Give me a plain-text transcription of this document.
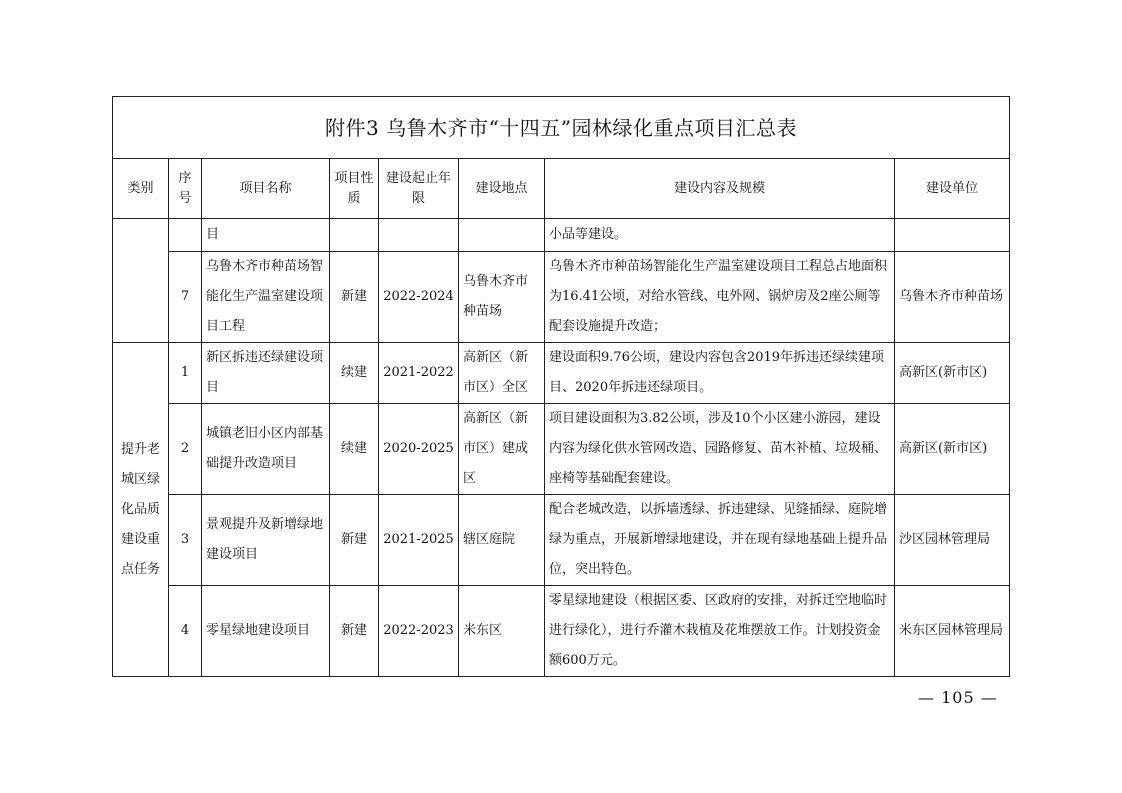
附件3 乌鲁木齐市“十四五”园林绿化重点项目汇总表							
类别	序号	项目名称	项目性质	建设起止年限	建设地点	建设内容及规模	建设单位
		目				小品等建设。	
	7	乌鲁木齐市种苗场智能化生产温室建设项目工程	新建	2022-2024	乌鲁木齐市种苗场	乌鲁木齐市种苗场智能化生产温室建设项目工程总占地面积为16.41公顷，对给水管线、电外网、锅炉房及2座公厕等配套设施提升改造；	乌鲁木齐市种苗场
提升老城区绿化品质建设重点任务	1	新区拆违还绿建设项目	续建	2021-2022	高新区（新市区）全区	建设面积9.76公顷，建设内容包含2019年拆违还绿续建项目、2020年拆违还绿项目。	高新区(新市区)
	2	城镇老旧小区内部基础提升改造项目	续建	2020-2025	高新区（新市区）建成区	项目建设面积为3.82公顷，涉及10个小区建小游园，建设内容为绿化供水管网改造、园路修复、苗木补植、垃圾桶、座椅等基础配套建设。	高新区(新市区)
	3	景观提升及新增绿地建设项目	新建	2021-2025	辖区庭院	配合老城改造，以拆墙透绿、拆违建绿、见缝插绿、庭院增绿为重点，开展新增绿地建设，并在现有绿地基础上提升品位，突出特色。	沙区园林管理局
	4	零星绿地建设项目	新建	2022-2023	米东区	零星绿地建设（根据区委、区政府的安排，对拆迁空地临时进行绿化），进行乔灌木栽植及花堆摆放工作。计划投资金额600万元。	米东区园林管理局
— 105 —
